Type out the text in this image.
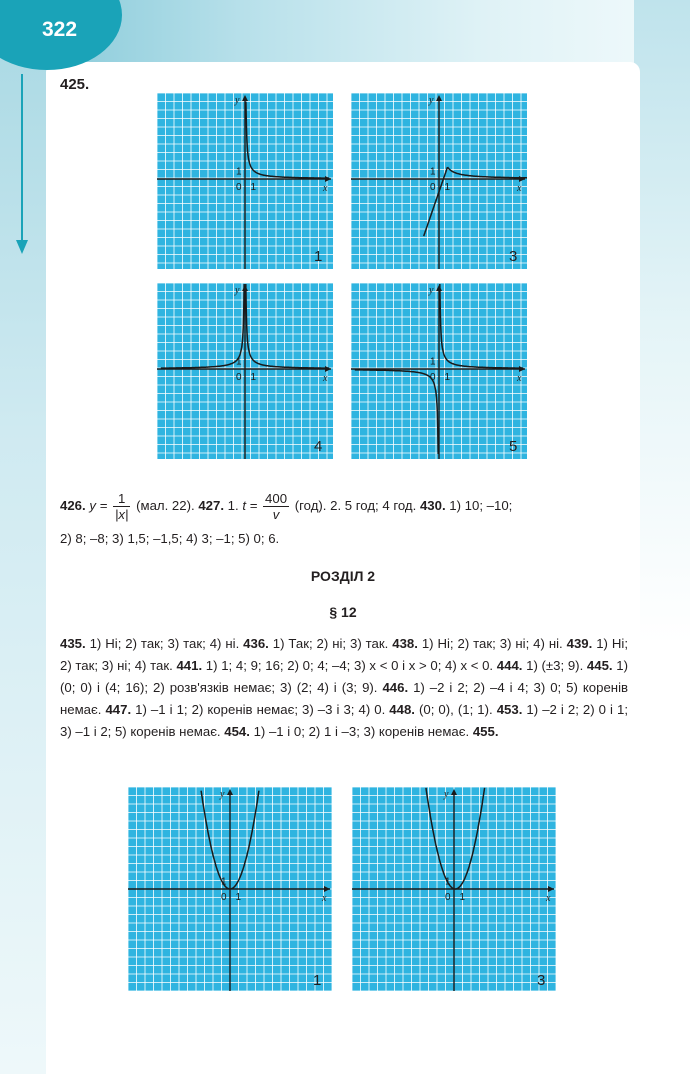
322
425.
x
y
0 1
1
x
y
0 1
1
x
y
0 1
1
x
y
0 1
1
1	3
4	5
426. $y = \frac{1}{|x|} (мал$. 22). 427. 1. $t = \frac{400}{v} (год)$. 2. 5 год; 4 год. 430. 1) 10; –10;
2) 8; –8; 3) 1,5; –1,5; 4) 3; –1; 5) 0; 6.
РОЗДІЛ 2
§ 12
435. 1) Ні; 2) так; 3) так; 4) ні. 436. 1) Так; 2) ні; 3) так. 438. 1) Ні; 2) так; 3) ні; 4) ні. 439. 1) Ні; 2) так; 3) ні; 4) так. 441. 1) 1; 4; 9; 16; 2) 0; 4; –4; 3) x < 0 і x > 0; 4) x < 0. 444. 1) (±3; 9). 445. 1) (0; 0) і (4; 16); 2) розв'язків немає; 3) (2; 4) і (3; 9). 446. 1) –2 і 2; 2) –4 і 4; 3) 0; 5) коренів немає. 447. 1) –1 і 1; 2) коренів немає; 3) –3 і 3; 4) 0. 448. (0; 0), (1; 1). 453. 1) –2 і 2; 2) 0 і 1; 3) –1 і 2; 5) коренів немає. 454. 1) –1 і 0; 2) 1 і –3; 3) коренів немає. 455.
x
y
0 1
1
x
y
0 1
1
1	3
